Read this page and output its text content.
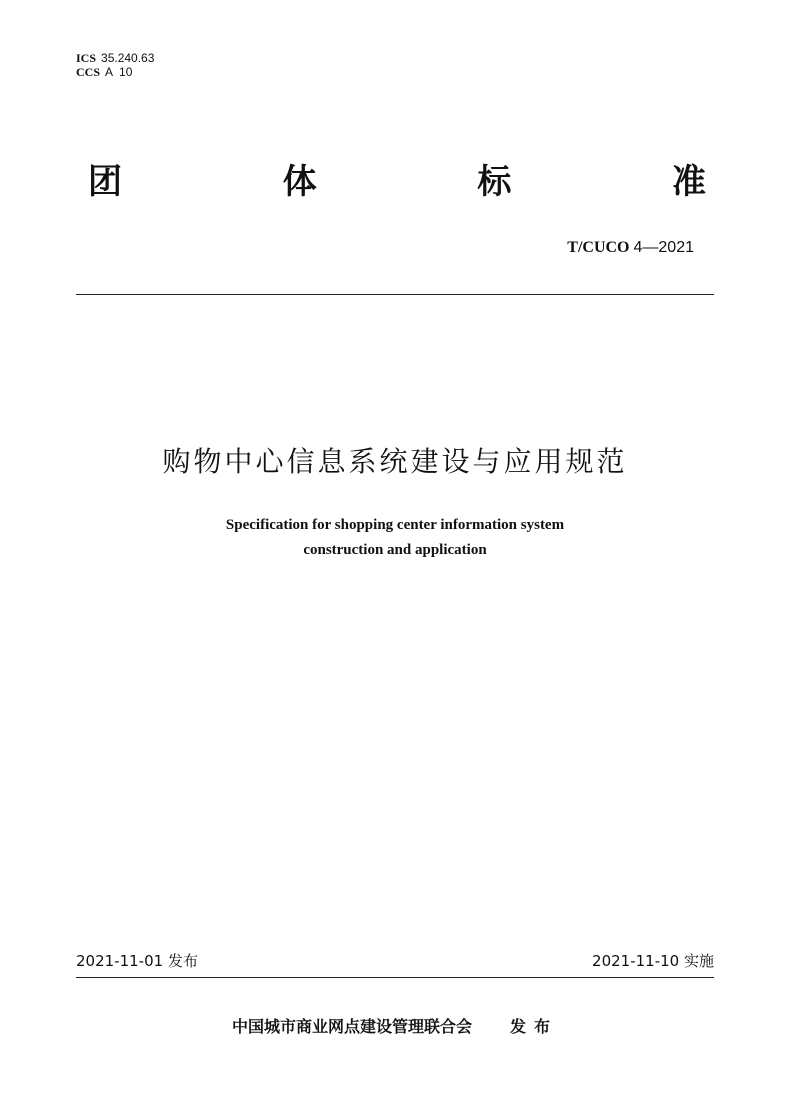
ICS 35.240.63
CCS A  10
团	体	标	准
T/CUCO 4—2021
购物中心信息系统建设与应用规范
Specification for shopping center information system
construction and application
2021-11-01 发布	2021-11-10 实施
中国城市商业网点建设管理联合会 发布
